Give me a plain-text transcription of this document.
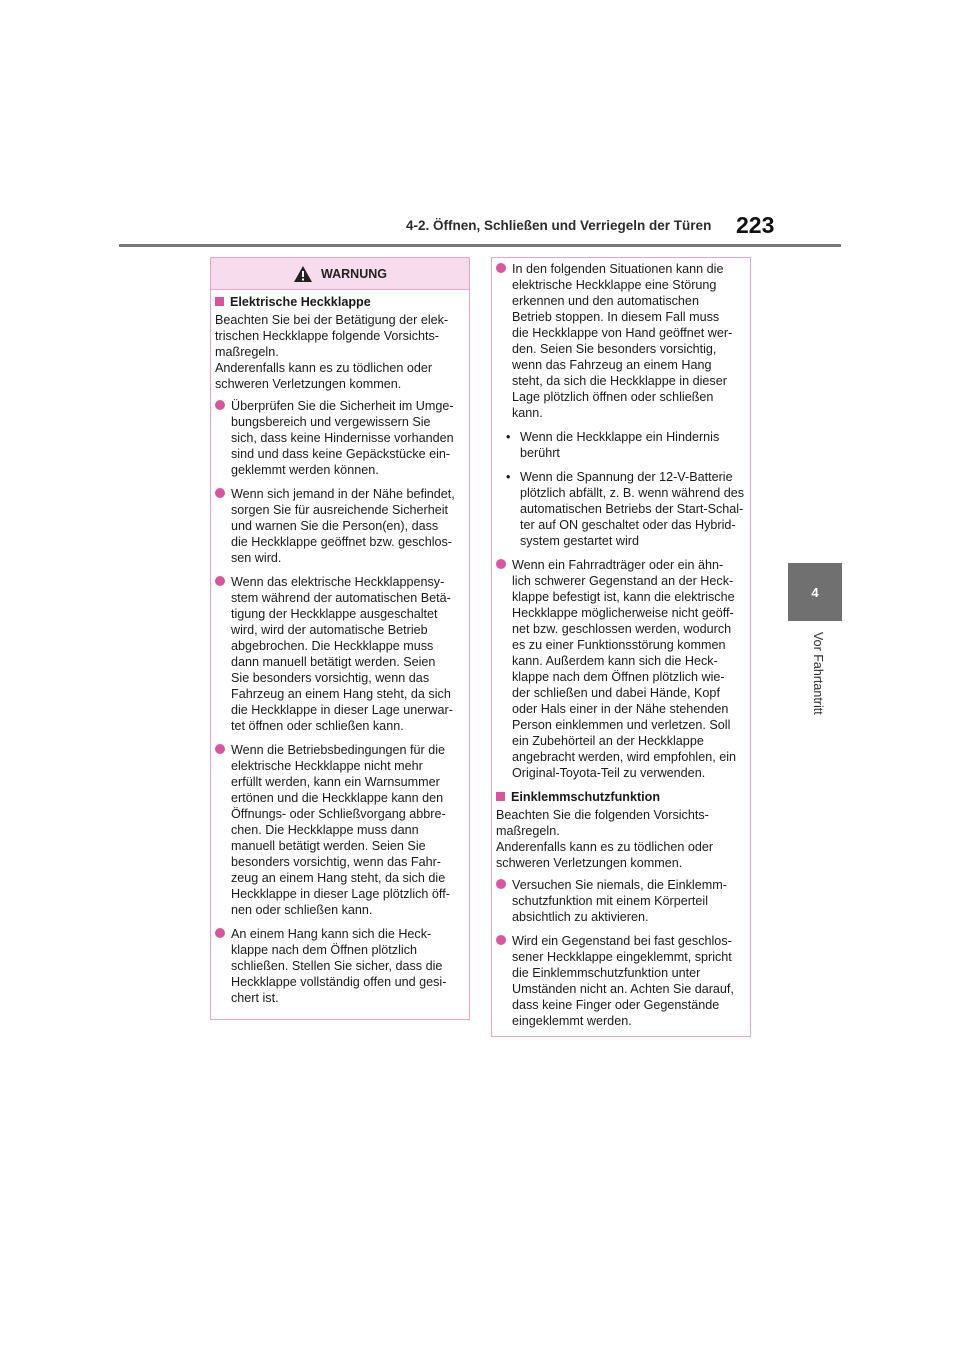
4-2. Öffnen, Schließen und Verriegeln der Türen 223
4
Vor Fahrtantritt
WARNUNG
Elektrische Heckklappe
Beachten Sie bei der Betätigung der elek-
trischen Heckklappe folgende Vorsichts-
maßregeln.
Anderenfalls kann es zu tödlichen oder
schweren Verletzungen kommen.
Überprüfen Sie die Sicherheit im Umge-
bungsbereich und vergewissern Sie
sich, dass keine Hindernisse vorhanden
sind und dass keine Gepäckstücke ein-
geklemmt werden können.
Wenn sich jemand in der Nähe befindet,
sorgen Sie für ausreichende Sicherheit
und warnen Sie die Person(en), dass
die Heckklappe geöffnet bzw. geschlos-
sen wird.
Wenn das elektrische Heckklappensy-
stem während der automatischen Betä-
tigung der Heckklappe ausgeschaltet
wird, wird der automatische Betrieb
abgebrochen. Die Heckklappe muss
dann manuell betätigt werden. Seien
Sie besonders vorsichtig, wenn das
Fahrzeug an einem Hang steht, da sich
die Heckklappe in dieser Lage unerwar-
tet öffnen oder schließen kann.
Wenn die Betriebsbedingungen für die
elektrische Heckklappe nicht mehr
erfüllt werden, kann ein Warnsummer
ertönen und die Heckklappe kann den
Öffnungs- oder Schließvorgang abbre-
chen. Die Heckklappe muss dann
manuell betätigt werden. Seien Sie
besonders vorsichtig, wenn das Fahr-
zeug an einem Hang steht, da sich die
Heckklappe in dieser Lage plötzlich öff-
nen oder schließen kann.
An einem Hang kann sich die Heck-
klappe nach dem Öffnen plötzlich
schließen. Stellen Sie sicher, dass die
Heckklappe vollständig offen und gesi-
chert ist.
In den folgenden Situationen kann die
elektrische Heckklappe eine Störung
erkennen und den automatischen
Betrieb stoppen. In diesem Fall muss
die Heckklappe von Hand geöffnet wer-
den. Seien Sie besonders vorsichtig,
wenn das Fahrzeug an einem Hang
steht, da sich die Heckklappe in dieser
Lage plötzlich öffnen oder schließen
kann.
• Wenn die Heckklappe ein Hindernis
berührt
• Wenn die Spannung der 12-V-Batterie
plötzlich abfällt, z. B. wenn während des
automatischen Betriebs der Start-Schal-
ter auf ON geschaltet oder das Hybrid-
system gestartet wird
Wenn ein Fahrradträger oder ein ähn-
lich schwerer Gegenstand an der Heck-
klappe befestigt ist, kann die elektrische
Heckklappe möglicherweise nicht geöff-
net bzw. geschlossen werden, wodurch
es zu einer Funktionsstörung kommen
kann. Außerdem kann sich die Heck-
klappe nach dem Öffnen plötzlich wie-
der schließen und dabei Hände, Kopf
oder Hals einer in der Nähe stehenden
Person einklemmen und verletzen. Soll
ein Zubehörteil an der Heckklappe
angebracht werden, wird empfohlen, ein
Original-Toyota-Teil zu verwenden.
Einklemmschutzfunktion
Beachten Sie die folgenden Vorsichts-
maßregeln.
Anderenfalls kann es zu tödlichen oder
schweren Verletzungen kommen.
Versuchen Sie niemals, die Einklemm-
schutzfunktion mit einem Körperteil
absichtlich zu aktivieren.
Wird ein Gegenstand bei fast geschlos-
sener Heckklappe eingeklemmt, spricht
die Einklemmschutzfunktion unter
Umständen nicht an. Achten Sie darauf,
dass keine Finger oder Gegenstände
eingeklemmt werden.
